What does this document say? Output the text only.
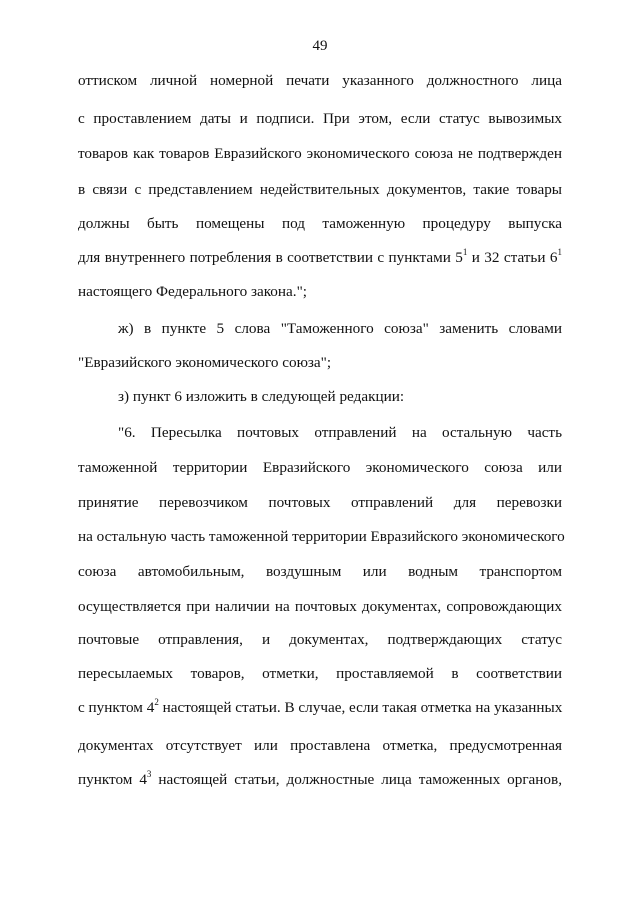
49
оттиском личной номерной печати указанного должностного лица
с проставлением даты и подписи. При этом, если статус вывозимых
товаров как товаров Евразийского экономического союза не подтвержден
в связи с представлением недействительных документов, такие товары
должны быть помещены под таможенную процедуру выпуска
для внутреннего потребления в соответствии с пунктами $5^1$ и 32 статьи $6^1$
настоящего Федерального закона.";
ж) в пункте 5 слова "Таможенного союза" заменить словами
"Евразийского экономического союза";
з) пункт 6 изложить в следующей редакции:
"6. Пересылка почтовых отправлений на остальную часть
таможенной территории Евразийского экономического союза или
принятие перевозчиком почтовых отправлений для перевозки
на остальную часть таможенной территории Евразийского экономического
союза автомобильным, воздушным или водным транспортом
осуществляется при наличии на почтовых документах, сопровождающих
почтовые отправления, и документах, подтверждающих статус
пересылаемых товаров, отметки, проставляемой в соответствии
с пунктом $4^2$ настоящей статьи. В случае, если такая отметка на указанных
документах отсутствует или проставлена отметка, предусмотренная
пунктом $4^3$ настоящей статьи, должностные лица таможенных органов,
